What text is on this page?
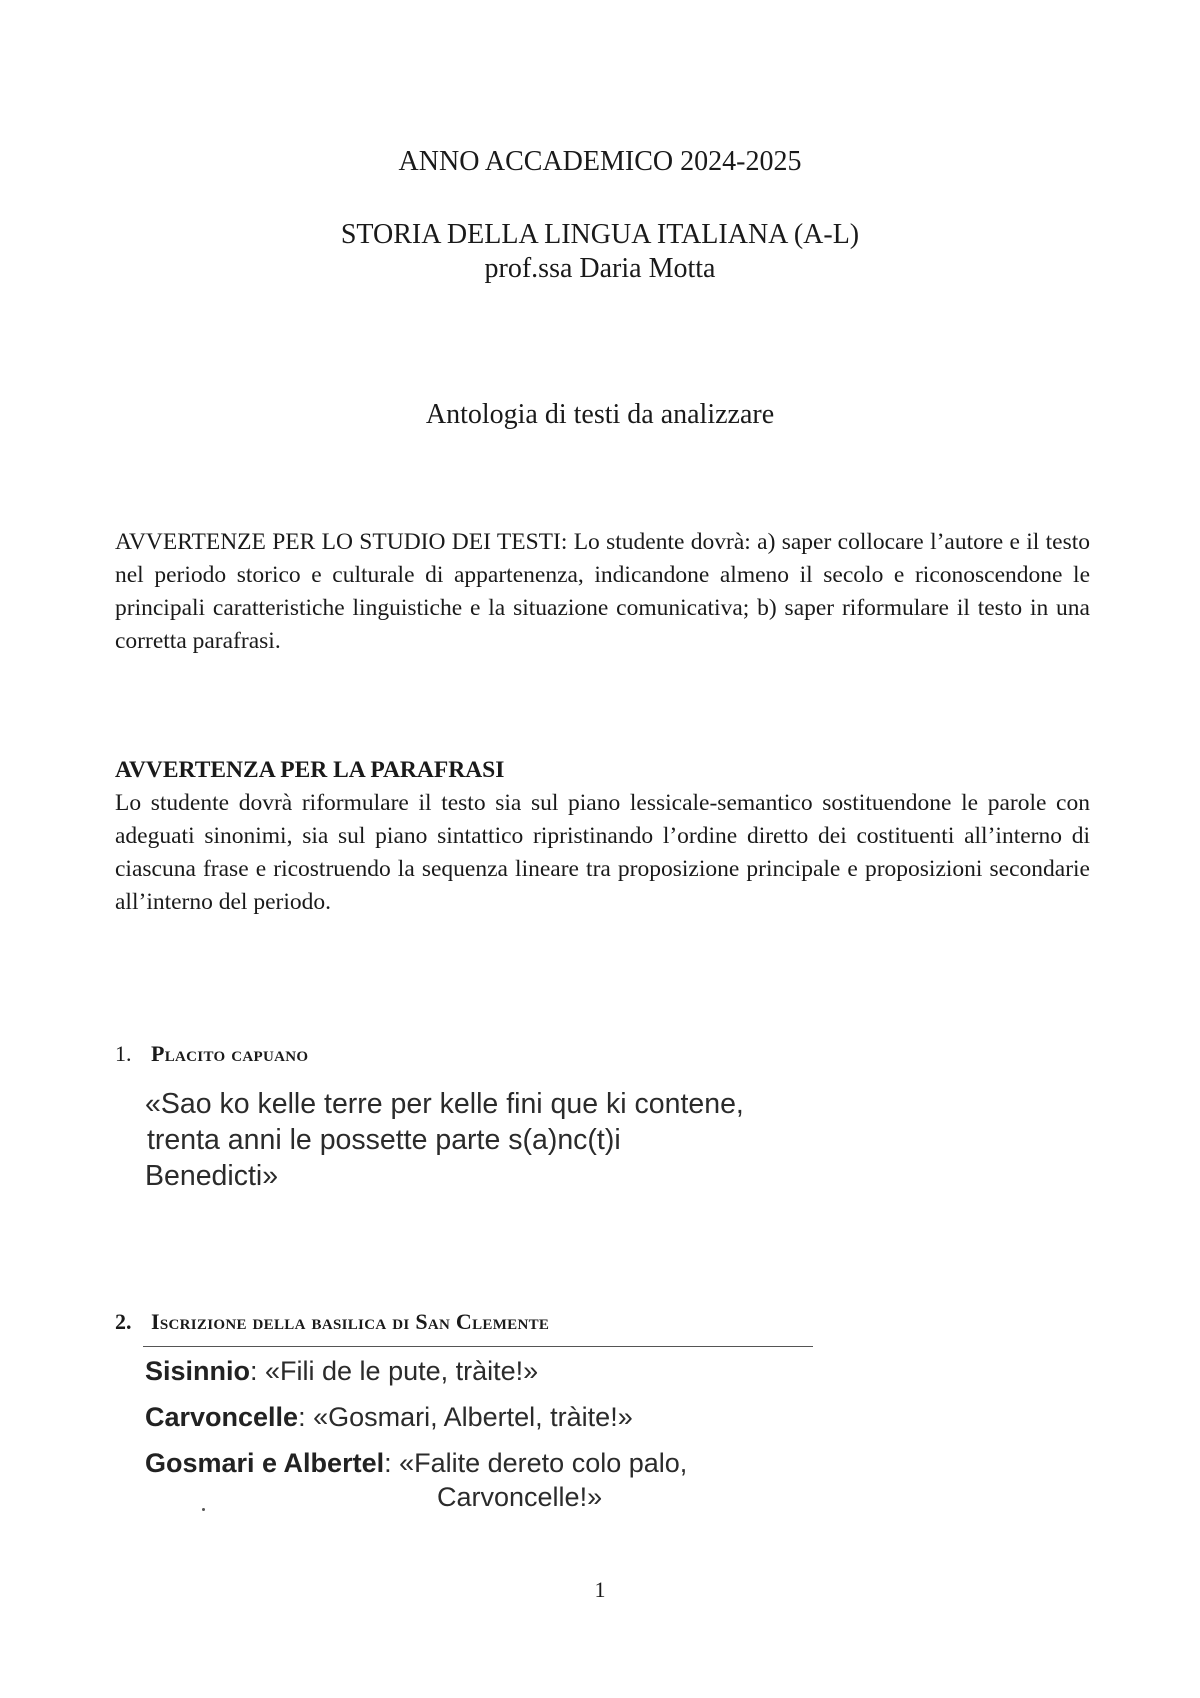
ANNO ACCADEMICO 2024-2025
STORIA DELLA LINGUA ITALIANA (A-L)
prof.ssa Daria Motta
Antologia di testi da analizzare
AVVERTENZE PER LO STUDIO DEI TESTI: Lo studente dovrà: a) saper collocare l’autore e il testo nel periodo storico e culturale di appartenenza, indicandone almeno il secolo e riconoscendone le principali caratteristiche linguistiche e la situazione comunicativa; b) saper riformulare il testo in una corretta parafrasi.
AVVERTENZA PER LA PARAFRASI
Lo studente dovrà riformulare il testo sia sul piano lessicale-semantico sostituendone le parole con adeguati sinonimi, sia sul piano sintattico ripristinando l’ordine diretto dei costituenti all’interno di ciascuna frase e ricostruendo la sequenza lineare tra proposizione principale e proposizioni secondarie all’interno del periodo.
1. Placito capuano
«Sao ko kelle terre per kelle fini que ki contene,
trenta anni le possette parte s(a)nc(t)i
Benedicti»
2. Iscrizione della basilica di San Clemente
Sisinnio: «Fili de le pute, tràite!»
Carvoncelle: «Gosmari, Albertel, tràite!»
Gosmari e Albertel: «Falite dereto colo palo,
Carvoncelle!»
1
